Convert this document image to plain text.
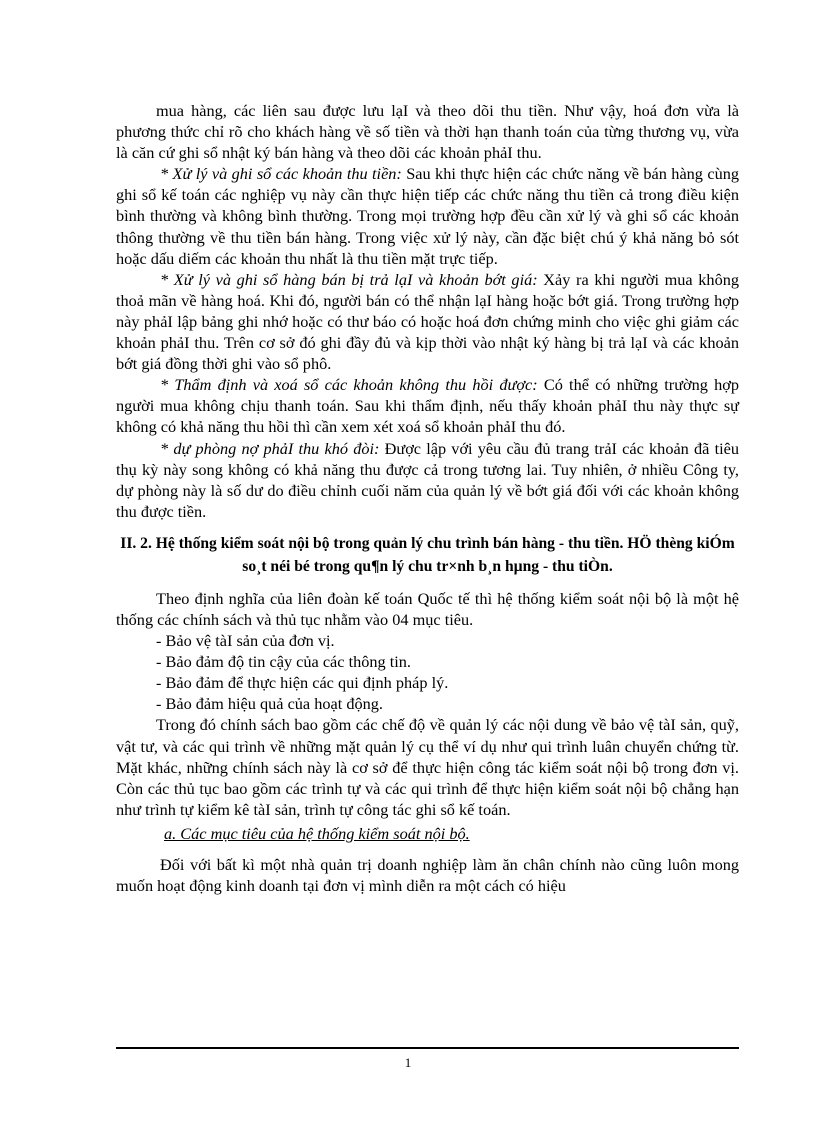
mua hàng, các liên sau được lưu lạI và theo dõi thu tiền. Như vậy, hoá đơn vừa là phương thức chỉ rõ cho khách hàng về số tiền và thời hạn thanh toán của từng thương vụ, vừa là căn cứ ghi sổ nhật ký bán hàng và theo dõi các khoản phảI thu.

* Xử lý và ghi sổ các khoản thu tiền: Sau khi thực hiện các chức năng về bán hàng cùng ghi sổ kế toán các nghiệp vụ này cần thực hiện tiếp các chức năng thu tiền cả trong điều kiện bình thường và không bình thường. Trong mọi trường hợp đều cần xử lý và ghi sổ các khoản thông thường về thu tiền bán hàng. Trong việc xử lý này, cần đặc biệt chú ý khả năng bỏ sót hoặc dấu diếm các khoản thu nhất là thu tiền mặt trực tiếp.

* Xử lý và ghi sổ hàng bán bị trả lạI và khoản bớt giá: Xảy ra khi người mua không thoả mãn về hàng hoá. Khi đó, người bán có thể nhận lạI hàng hoặc bớt giá. Trong trường hợp này phảI lập bảng ghi nhớ hoặc có thư báo có hoặc hoá đơn chứng minh cho việc ghi giảm các khoản phảI thu. Trên cơ sở đó ghi đầy đủ và kịp thời vào nhật ký hàng bị trả lạI và các khoản bớt giá đồng thời ghi vào sổ phô.

* Thẩm định và xoá sổ các khoản không thu hồi được: Có thể có những trường hợp người mua không chịu thanh toán. Sau khi thẩm định, nếu thấy khoản phảI thu này thực sự không có khả năng thu hồi thì cần xem xét xoá sổ khoản phảI thu đó.

* dự phòng nợ phảI thu khó đòi: Được lập với yêu cầu đủ trang trảI các khoản đã tiêu thụ kỳ này song không có khả năng thu được cả trong tương lai. Tuy nhiên, ở nhiều Công ty, dự phòng này là số dư do điều chỉnh cuối năm của quản lý về bớt giá đối với các khoản không thu được tiền.

II. 2. Hệ thống kiểm soát nội bộ trong quản lý chu trình bán hàng - thu tiền. HÖ thèng kiÓm so¸t néi bé trong qu¶n lý chu tr×nh b¸n hµng - thu tiÒn.

Theo định nghĩa của liên đoàn kế toán Quốc tế thì hệ thống kiểm soát nội bộ là một hệ thống các chính sách và thủ tục nhằm vào 04 mục tiêu.

- Bảo vệ tàI sản của đơn vị.

- Bảo đảm độ tin cậy của các thông tin.

- Bảo đảm để thực hiện các qui định pháp lý.

- Bảo đảm hiệu quả của hoạt động.

Trong đó chính sách bao gồm các chế độ về quản lý các nội dung về bảo vệ tàI sản, quỹ, vật tư, và các qui trình về những mặt quản lý cụ thể ví dụ như qui trình luân chuyển chứng từ. Mặt khác, những chính sách này là cơ sở để thực hiện công tác kiểm soát nội bộ trong đơn vị. Còn các thủ tục bao gồm các trình tự và các qui trình để thực hiện kiểm soát nội bộ chẳng hạn như trình tự kiểm kê tàI sản, trình tự công tác ghi sổ kế toán.

a. Các mục tiêu của hệ thống kiểm soát nội bộ.

Đối với bất kì một nhà quản trị doanh nghiệp làm ăn chân chính nào cũng luôn mong muốn hoạt động kinh doanh tại đơn vị mình diễn ra một cách có hiệu

1
